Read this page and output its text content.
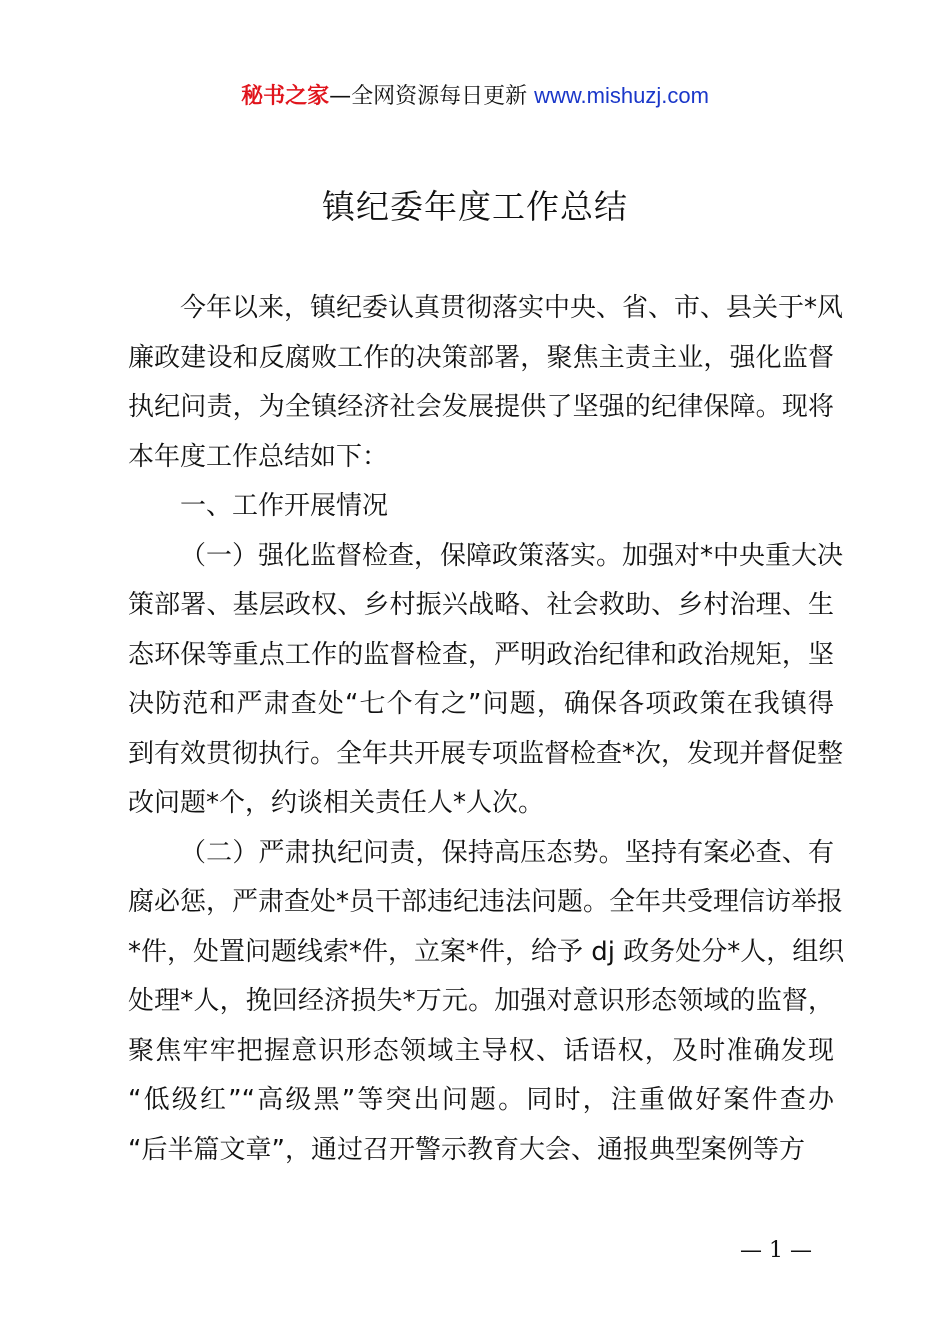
秘书之家—全网资源每日更新 www.mishuzj.com
镇纪委年度工作总结
今年以来，镇纪委认真贯彻落实中央、省、市、县关于*风
廉政建设和反腐败工作的决策部署，聚焦主责主业，强化监督
执纪问责，为全镇经济社会发展提供了坚强的纪律保障。现将
本年度工作总结如下：
一、工作开展情况
（一）强化监督检查，保障政策落实。加强对*中央重大决
策部署、基层政权、乡村振兴战略、社会救助、乡村治理、生
态环保等重点工作的监督检查，严明政治纪律和政治规矩，坚
决防范和严肃查处“七个有之”问题，确保各项政策在我镇得
到有效贯彻执行。全年共开展专项监督检查*次，发现并督促整
改问题*个，约谈相关责任人*人次。
（二）严肃执纪问责，保持高压态势。坚持有案必查、有
腐必惩，严肃查处*员干部违纪违法问题。全年共受理信访举报
*件，处置问题线索*件，立案*件，给予 dj 政务处分*人，组织
处理*人，挽回经济损失*万元。加强对意识形态领域的监督，
聚焦牢牢把握意识形态领域主导权、话语权，及时准确发现
“低级红”“高级黑”等突出问题。同时，注重做好案件查办
“后半篇文章”，通过召开警示教育大会、通报典型案例等方
— 1 —
